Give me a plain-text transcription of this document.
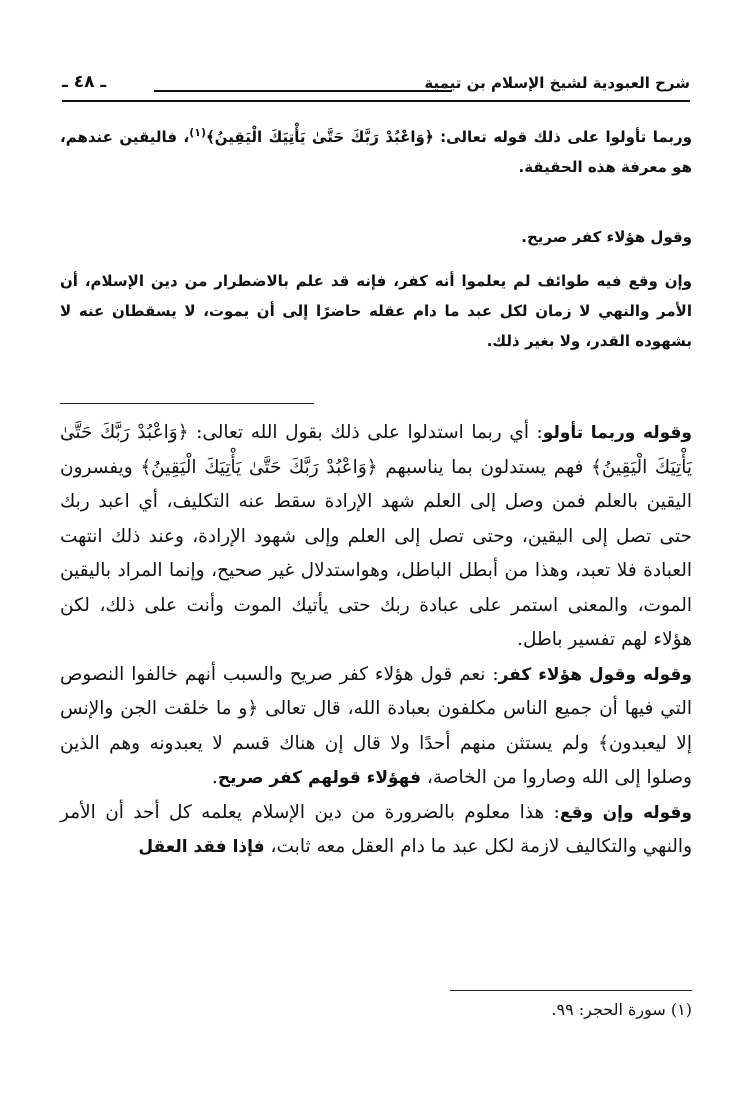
شرح العبودية لشيخ الإسلام بن تيمية
ـ ٤٨ ـ
وربما تأولوا على ذلك قوله تعالى: ﴿وَاعْبُدْ رَبَّكَ حَتَّىٰ يَأْتِيَكَ الْيَقِينُ﴾$^{(١)}$، فاليقين عندهم، هو معرفة هذه الحقيقة.
وقول هؤلاء كفر صريح.
وإن وقع فيه طوائف لم يعلموا أنه كفر، فإنه قد علم بالاضطرار من دين الإسلام، أن الأمر والنهي لا زمان لكل عبد ما دام عقله حاضرًا إلى أن يموت، لا يسقطان عنه لا بشهوده القدر، ولا بغير ذلك.

وقوله وربما تأولو: أي ربما استدلوا على ذلك بقول الله تعالى: ﴿وَاعْبُدْ رَبَّكَ حَتَّىٰ يَأْتِيَكَ الْيَقِينُ﴾ فهم يستدلون بما يناسبهم ﴿وَاعْبُدْ رَبَّكَ حَتَّىٰ يَأْتِيَكَ الْيَقِينُ﴾ ويفسرون اليقين بالعلم فمن وصل إلى العلم شهد الإرادة سقط عنه التكليف، أي اعبد ربك حتى تصل إلى اليقين، وحتى تصل إلى العلم وإلى شهود الإرادة، وعند ذلك انتهت العبادة فلا تعبد، وهذا من أبطل الباطل، وهواستدلال غير صحيح، وإنما المراد باليقين الموت، والمعنى استمر على عبادة ربك حتى يأتيك الموت وأنت على ذلك، لكن هؤلاء لهم تفسير باطل.

وقوله وقول هؤلاء كفر: نعم قول هؤلاء كفر صريح والسبب أنهم خالفوا النصوص التي فيها أن جميع الناس مكلفون بعبادة الله، قال تعالى ﴿و ما خلقت الجن والإنس إلا ليعبدون﴾ ولم يستثن منهم أحدًا ولا قال إن هناك قسم لا يعبدونه وهم الذين وصلوا إلى الله وصاروا من الخاصة، فهؤلاء قولهم كفر صريح.

وقوله وإن وقع: هذا معلوم بالضرورة من دين الإسلام يعلمه كل أحد أن الأمر والنهي والتكاليف لازمة لكل عبد ما دام العقل معه ثابت، فإذا فقد العقل

(١) سورة الحجر: ٩٩.
